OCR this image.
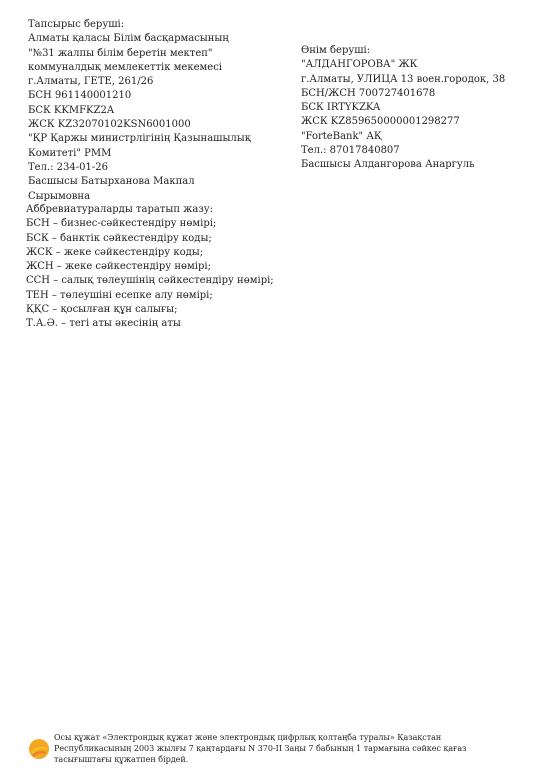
Тапсырыс беруші:
Алматы қаласы Білім басқармасының
"№31 жалпы білім беретін мектеп"
коммуналдық мемлекеттік мекемесі
г.Алматы, ГЕТЕ, 261/26
БСН 961140001210
БСК KKMFKZ2A
ЖСК KZ32070102KSN6001000
"ҚР Қаржы министрлігінің Қазынашылық
Комитеті" РММ
Тел.: 234-01-26
Басшысы Батырханова Макпал
Сырымовна
Өнім беруші:
"АЛДАНГОРОВА" ЖК
г.Алматы, УЛИЦА 13 воен.городок, 38
БСН/ЖСН 700727401678
БСК IRTYKZKA
ЖСК KZ859650000001298277
"ForteBank" АҚ
Тел.: 87017840807
Басшысы Алдангорова Анаргуль
Аббревиатураларды таратып жазу:
БСН – бизнес-сәйкестендіру нөмірі;
БСК – банктік сәйкестендіру коды;
ЖСК – жеке сәйкестендіру коды;
ЖСН – жеке сәйкестендіру нөмірі;
ССН – салық төлеушінің сәйкестендіру нөмірі;
ТЕН – төлеушіні есепке алу нөмірі;
ҚҚС – қосылған құн салығы;
Т.А.Ә. – тегі аты әкесінің аты
Осы құжат «Электрондық құжат және электрондық цифрлық қолтаңба туралы» Қазақстан
Республикасының 2003 жылғы 7 қаңтардағы N 370-II Заңы 7 бабының 1 тармағына сәйкес қағаз
тасығыштағы құжатпен бірдей.
